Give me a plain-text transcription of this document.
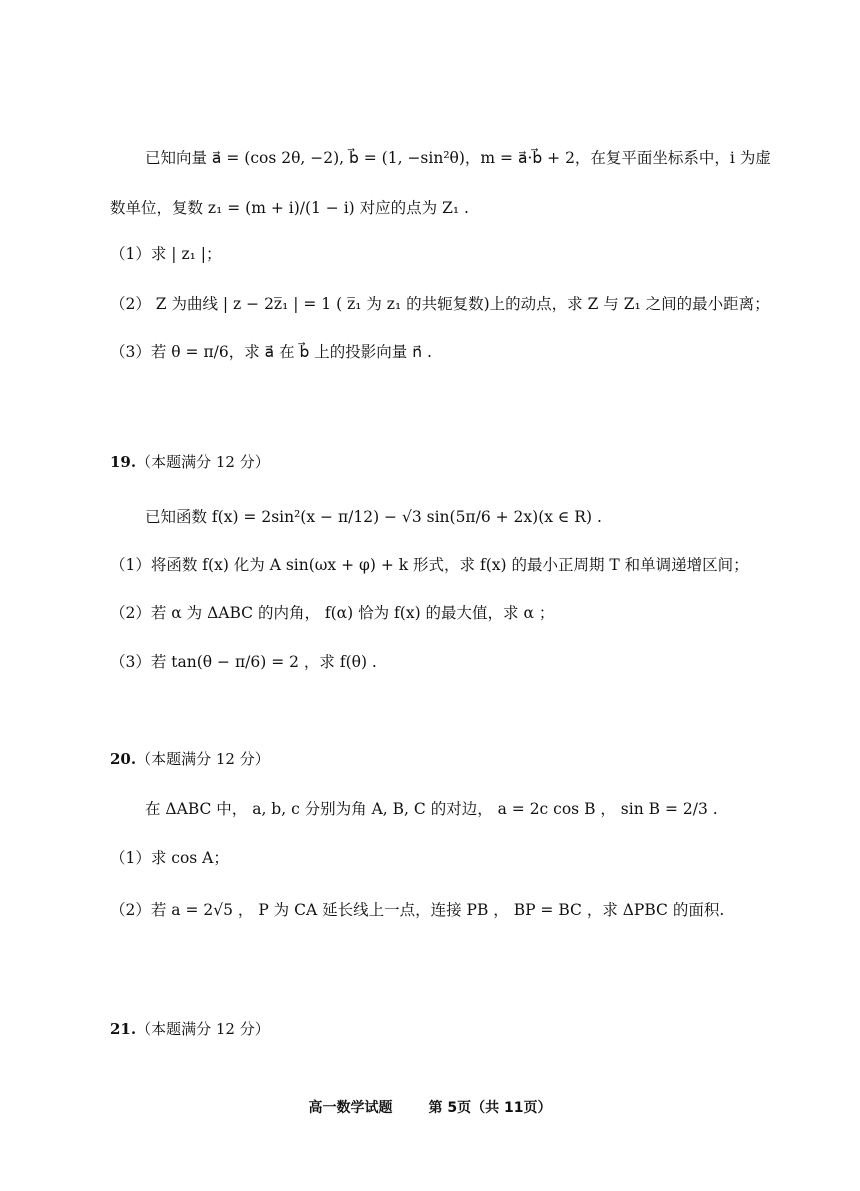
已知向量 a⃗ = (cos 2θ, −2), b⃗ = (1, −sin²θ)，m = a⃗·b⃗ + 2，在复平面坐标系中，i 为虚
数单位，复数 z₁ = (m + i)/(1 − i) 对应的点为 Z₁ .
（1）求 | z₁ |；
（2） Z 为曲线 | z − 2z̅₁ | = 1 ( z̅₁ 为 z₁ 的共轭复数)上的动点，求 Z 与 Z₁ 之间的最小距离；
（3）若 θ = π/6，求 a⃗ 在 b⃗ 上的投影向量 n⃗ .
19.（本题满分 12 分）
已知函数 f(x) = 2sin²(x − π/12) − √3 sin(5π/6 + 2x)(x ∈ R) .
（1）将函数 f(x) 化为 A sin(ωx + φ) + k 形式，求 f(x) 的最小正周期 T 和单调递增区间；
（2）若 α 为 ΔABC 的内角， f(α) 恰为 f(x) 的最大值，求 α ；
（3）若 tan(θ − π/6) = 2 ，求 f(θ) .
20.（本题满分 12 分）
在 ΔABC 中， a, b, c 分别为角 A, B, C 的对边， a = 2c cos B ， sin B = 2/3 .
（1）求 cos A；
（2）若 a = 2√5 ， P 为 CA 延长线上一点，连接 PB ， BP = BC ，求 ΔPBC 的面积.
21.（本题满分 12 分）
高一数学试题	第 5页（共 11页）
